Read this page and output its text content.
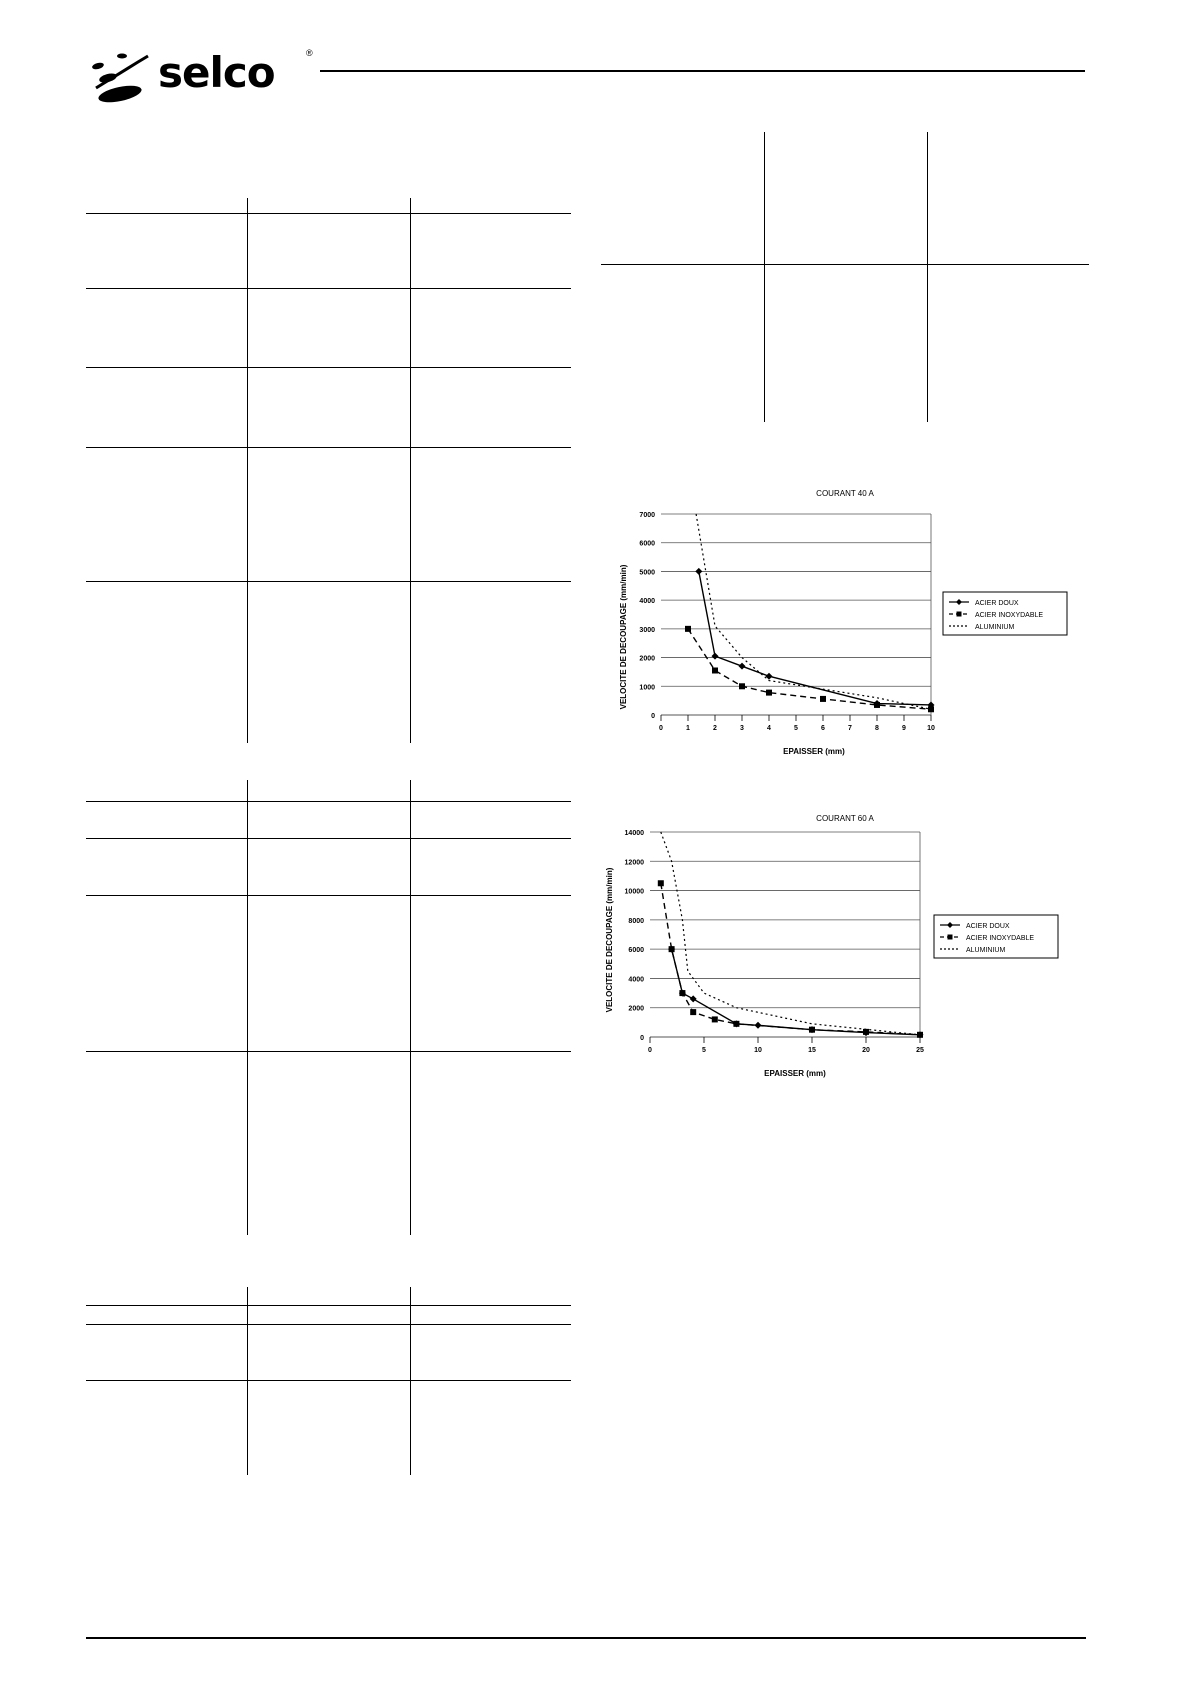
selco	®
COURANT 40 A
EPAISSER (mm)
VELOCITE DE DECOUPAGE (mm/min)
0
1000
2000
3000
4000
5000
6000
7000
0	1	2	3	4	5	6	7	8	9	10
ACIER DOUX
ACIER INOXYDABLE
ALUMINIUM
COURANT 60 A
EPAISSER (mm)
VELOCITE DE DECOUPAGE (mm/min)
0
2000
4000
6000
8000
10000
12000
14000
0	5	10	15	20	25
ACIER DOUX
ACIER INOXYDABLE
ALUMINIUM
